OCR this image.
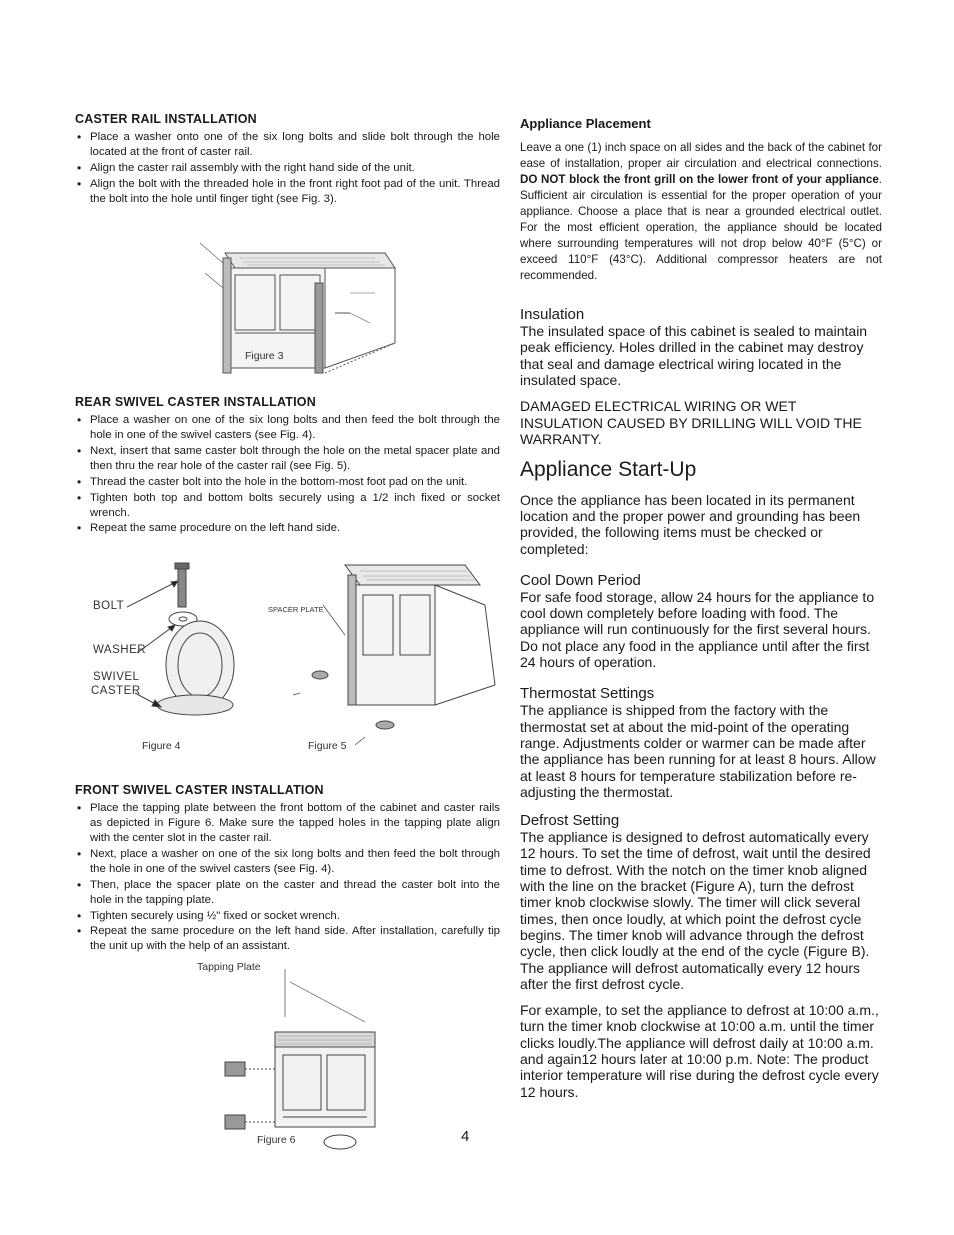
CASTER RAIL INSTALLATION
• Place a washer onto one of the six long bolts and slide bolt through the hole located at the front of caster rail.
• Align the caster rail assembly with the right hand side of the unit.
• Align the bolt with the threaded hole in the front right foot pad of the unit. Thread the bolt into the hole until finger tight (see Fig. 3).
Figure 3
REAR SWIVEL CASTER INSTALLATION
• Place a washer on one of the six long bolts and then feed the bolt through the hole in one of the swivel casters (see Fig. 4).
• Next, insert that same caster bolt through the hole on the metal spacer plate and then thru the rear hole of the caster rail (see Fig. 5).
• Thread the caster bolt into the hole in the bottom-most foot pad on the unit.
• Tighten both top and bottom bolts securely using a 1/2 inch fixed or socket wrench.
• Repeat the same procedure on the left hand side.
BOLT
WASHER
SWIVEL
CASTER
SPACER PLATE
Figure 4	Figure 5
FRONT SWIVEL CASTER INSTALLATION
• Place the tapping plate between the front bottom of the cabinet and caster rails as depicted in Figure 6. Make sure the tapped holes in the tapping plate align with the center slot in the caster rail.
• Next, place a washer on one of the six long bolts and then feed the bolt through the hole in one of the swivel casters (see Fig. 4).
• Then, place the spacer plate on the caster and thread the caster bolt into the hole in the tapping plate.
• Tighten securely using ½" fixed or socket wrench.
• Repeat the same procedure on the left hand side. After installation, carefully tip the unit up with the help of an assistant.
Tapping Plate
Figure 6
Appliance Placement

Leave a one (1) inch space on all sides and the back of the cabinet for ease of installation, proper air circulation and electrical connections. DO NOT block the front grill on the lower front of your appliance. Sufficient air circulation is essential for the proper operation of your appliance. Choose a place that is near a grounded electrical outlet. For the most efficient operation, the appliance should be located where surrounding temperatures will not drop below 40°F (5°C) or exceed 110°F (43°C). Additional compressor heaters are not recommended.

Insulation

The insulated space of this cabinet is sealed to maintain peak efficiency. Holes drilled in the cabinet may destroy that seal and damage electrical wiring located in the insulated space.

DAMAGED ELECTRICAL WIRING OR WET INSULATION CAUSED BY DRILLING WILL VOID THE WARRANTY.

Appliance Start-Up

Once the appliance has been located in its permanent location and the proper power and grounding has been provided, the following items must be checked or completed:

Cool Down Period

For safe food storage, allow 24 hours for the appliance to cool down completely before loading with food. The appliance will run continuously for the first several hours. Do not place any food in the appliance until after the first 24 hours of operation.

Thermostat Settings

The appliance is shipped from the factory with the thermostat set at about the mid-point of the operating range. Adjustments colder or warmer can be made after the appliance has been running for at least 8 hours. Allow at least 8 hours for temperature stabilization before re-adjusting the thermostat.

Defrost Setting

The appliance is designed to defrost automatically every 12 hours. To set the time of defrost, wait until the desired time to defrost. With the notch on the timer knob aligned with the line on the bracket (Figure A), turn the defrost timer knob clockwise slowly. The timer will click several times, then once loudly, at which point the defrost cycle begins. The timer knob will advance through the defrost cycle, then click loudly at the end of the cycle (Figure B). The appliance will defrost automatically every 12 hours after the first defrost cycle.

For example, to set the appliance to defrost at 10:00 a.m., turn the timer knob clockwise at 10:00 a.m. until the timer clicks loudly.The appliance will defrost daily at 10:00 a.m. and again12 hours later at 10:00 p.m. Note: The product interior temperature will rise during the defrost cycle every 12 hours.

4
